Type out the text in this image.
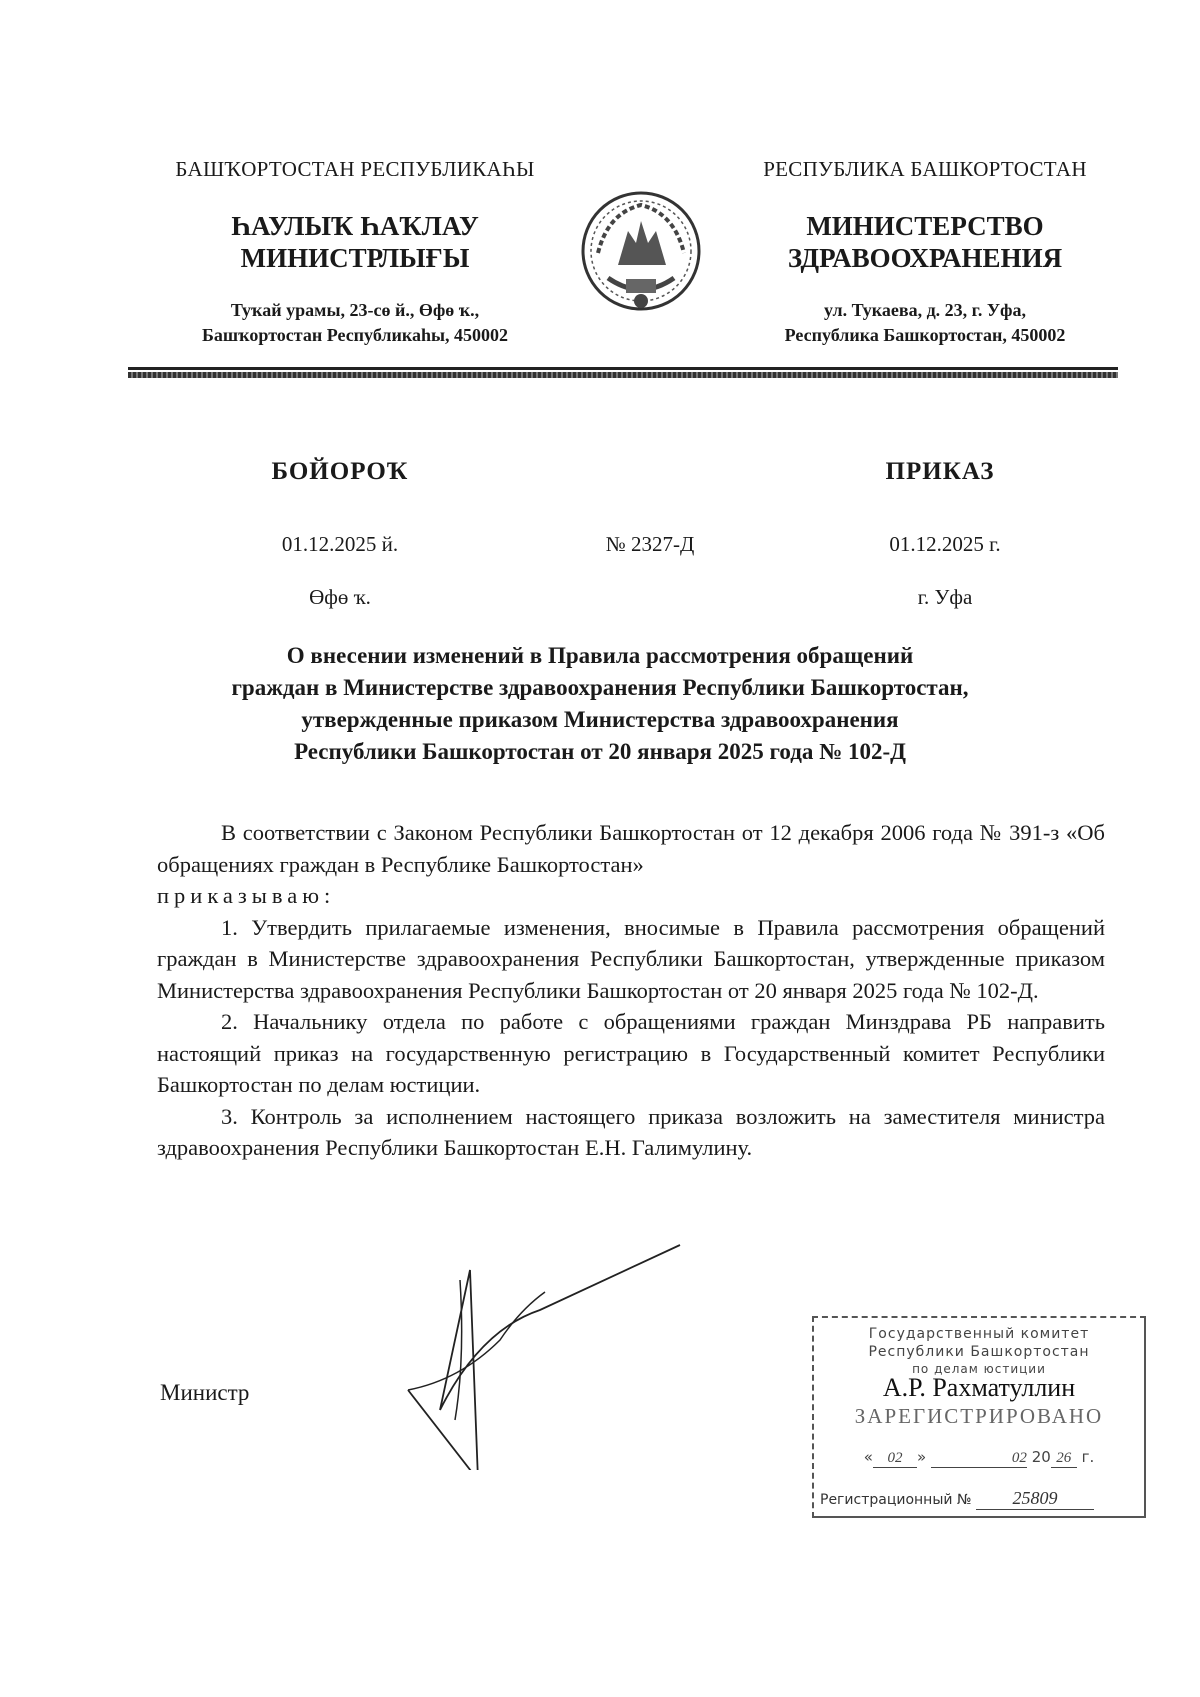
БАШҠОРТОСТАН РЕСПУБЛИКАҺЫ
ҺАУЛЫҠ ҺАҠЛАУ
МИНИСТРЛЫҒЫ
Туҡай урамы, 23-сө й., Өфө ҡ.,
Башҡортостан Республикаһы, 450002
РЕСПУБЛИКА БАШКОРТОСТАН
МИНИСТЕРСТВО
ЗДРАВООХРАНЕНИЯ
ул. Тукаева, д. 23, г. Уфа,
Республика Башкортостан, 450002
БОЙОРОҠ	ПРИКАЗ
01.12.2025 й.	№ 2327-Д	01.12.2025 г.
Өфө ҡ.	г. Уфа
О внесении изменений в Правила рассмотрения обращений
граждан в Министерстве здравоохранения Республики Башкортостан,
утвержденные приказом Министерства здравоохранения
Республики Башкортостан от 20 января 2025 года № 102-Д

В соответствии с Законом Республики Башкортостан от 12 декабря 2006 года № 391-з «Об обращениях граждан в Республике Башкортостан»

приказываю:

1. Утвердить прилагаемые изменения, вносимые в Правила рассмотрения обращений граждан в Министерстве здравоохранения Республики Башкортостан, утвержденные приказом Министерства здравоохранения Республики Башкортостан от 20 января 2025 года № 102-Д.

2. Начальнику отдела по работе с обращениями граждан Минздрава РБ направить настоящий приказ на государственную регистрацию в Государственный комитет Республики Башкортостан по делам юстиции.

3. Контроль за исполнением настоящего приказа возложить на заместителя министра здравоохранения Республики Башкортостан Е.Н. Галимулину.

Министр
Государственный комитет
Республики Башкортостан
по делам юстиции
А.Р. Рахматуллин
ЗАРЕГИСТРИРОВАНО
« 02 »	02 20 26 г.
Регистрационный № 25809
